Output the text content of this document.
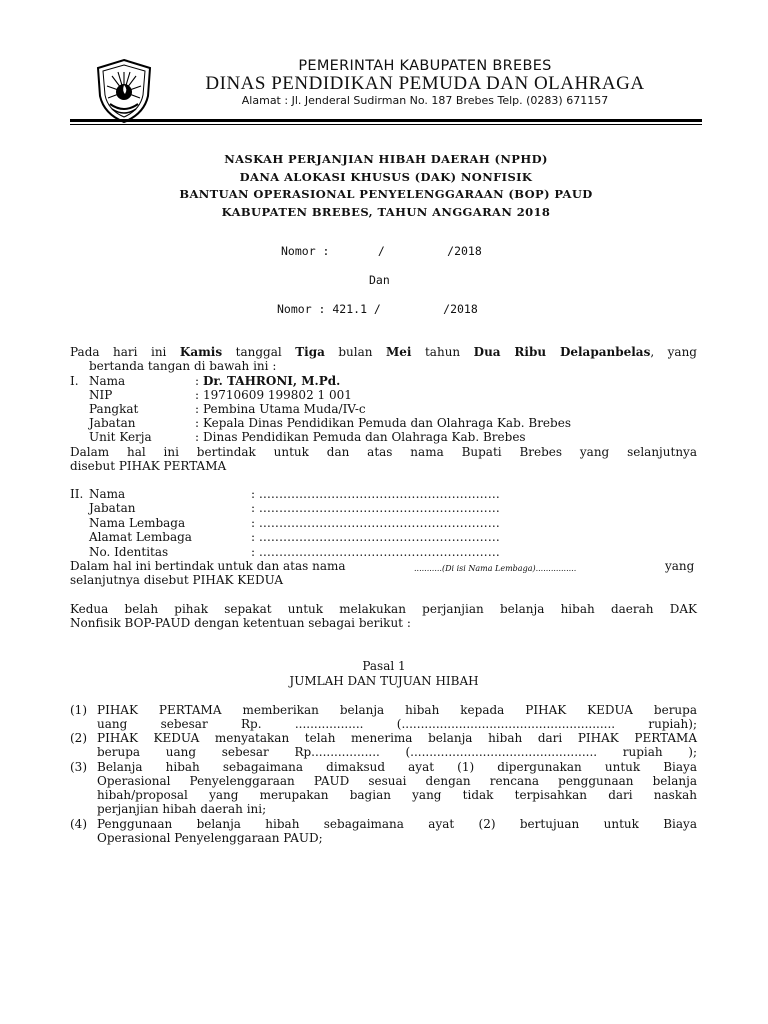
PEMERINTAH KABUPATEN BREBES
DINAS PENDIDIKAN PEMUDA DAN OLAHRAGA
Alamat : Jl. Jenderal Sudirman No. 187 Brebes Telp. (0283) 671157
NASKAH PERJANJIAN HIBAH DAERAH (NPHD)
DANA ALOKASI KHUSUS (DAK) NONFISIK
BANTUAN OPERASIONAL PENYELENGGARAAN (BOP) PAUD
KABUPATEN BREBES, TAHUN ANGGARAN 2018
Nomor :       /         /2018
Dan
Nomor : 421.1 /         /2018
Pada hari ini Kamis tanggal Tiga bulan Mei tahun Dua Ribu Delapanbelas, yang
bertanda tangan di bawah ini :
I. Nama	: Dr. TAHRONI, M.Pd.
NIP	: 19710609 199802 1 001
Pangkat	: Pembina Utama Muda/IV-c
Jabatan	: Kepala Dinas Pendidikan Pemuda dan Olahraga Kab. Brebes
Unit Kerja	: Dinas Pendidikan Pemuda dan Olahraga Kab. Brebes
Dalam hal ini bertindak untuk dan atas nama Bupati Brebes yang selanjutnya
disebut PIHAK PERTAMA
II. Nama	: ............................................................
Jabatan	: ............................................................
Nama Lembaga	: ............................................................
Alamat Lembaga	: ............................................................
No. Identitas	: ............................................................
Dalam hal ini bertindak untuk dan atas nama	...........(Di isi Nama Lembaga)................	yang
selanjutnya disebut PIHAK KEDUA
Kedua belah pihak sepakat untuk melakukan perjanjian belanja hibah daerah DAK
Nonfisik BOP-PAUD dengan ketentuan sebagai berikut :
Pasal 1
JUMLAH DAN TUJUAN HIBAH
(1) PIHAK PERTAMA memberikan belanja hibah kepada PIHAK KEDUA berupa
uang sebesar Rp. .................. (........................................................ rupiah);
(2) PIHAK KEDUA menyatakan telah menerima belanja hibah dari PIHAK PERTAMA
berupa uang sebesar Rp.................. (................................................. rupiah );
(3) Belanja hibah sebagaimana dimaksud ayat (1) dipergunakan untuk Biaya
Operasional Penyelenggaraan PAUD sesuai dengan rencana penggunaan belanja
hibah/proposal yang merupakan bagian yang tidak terpisahkan dari naskah
perjanjian hibah daerah ini;
(4) Penggunaan belanja hibah sebagaimana ayat (2) bertujuan untuk Biaya
Operasional Penyelenggaraan PAUD;
